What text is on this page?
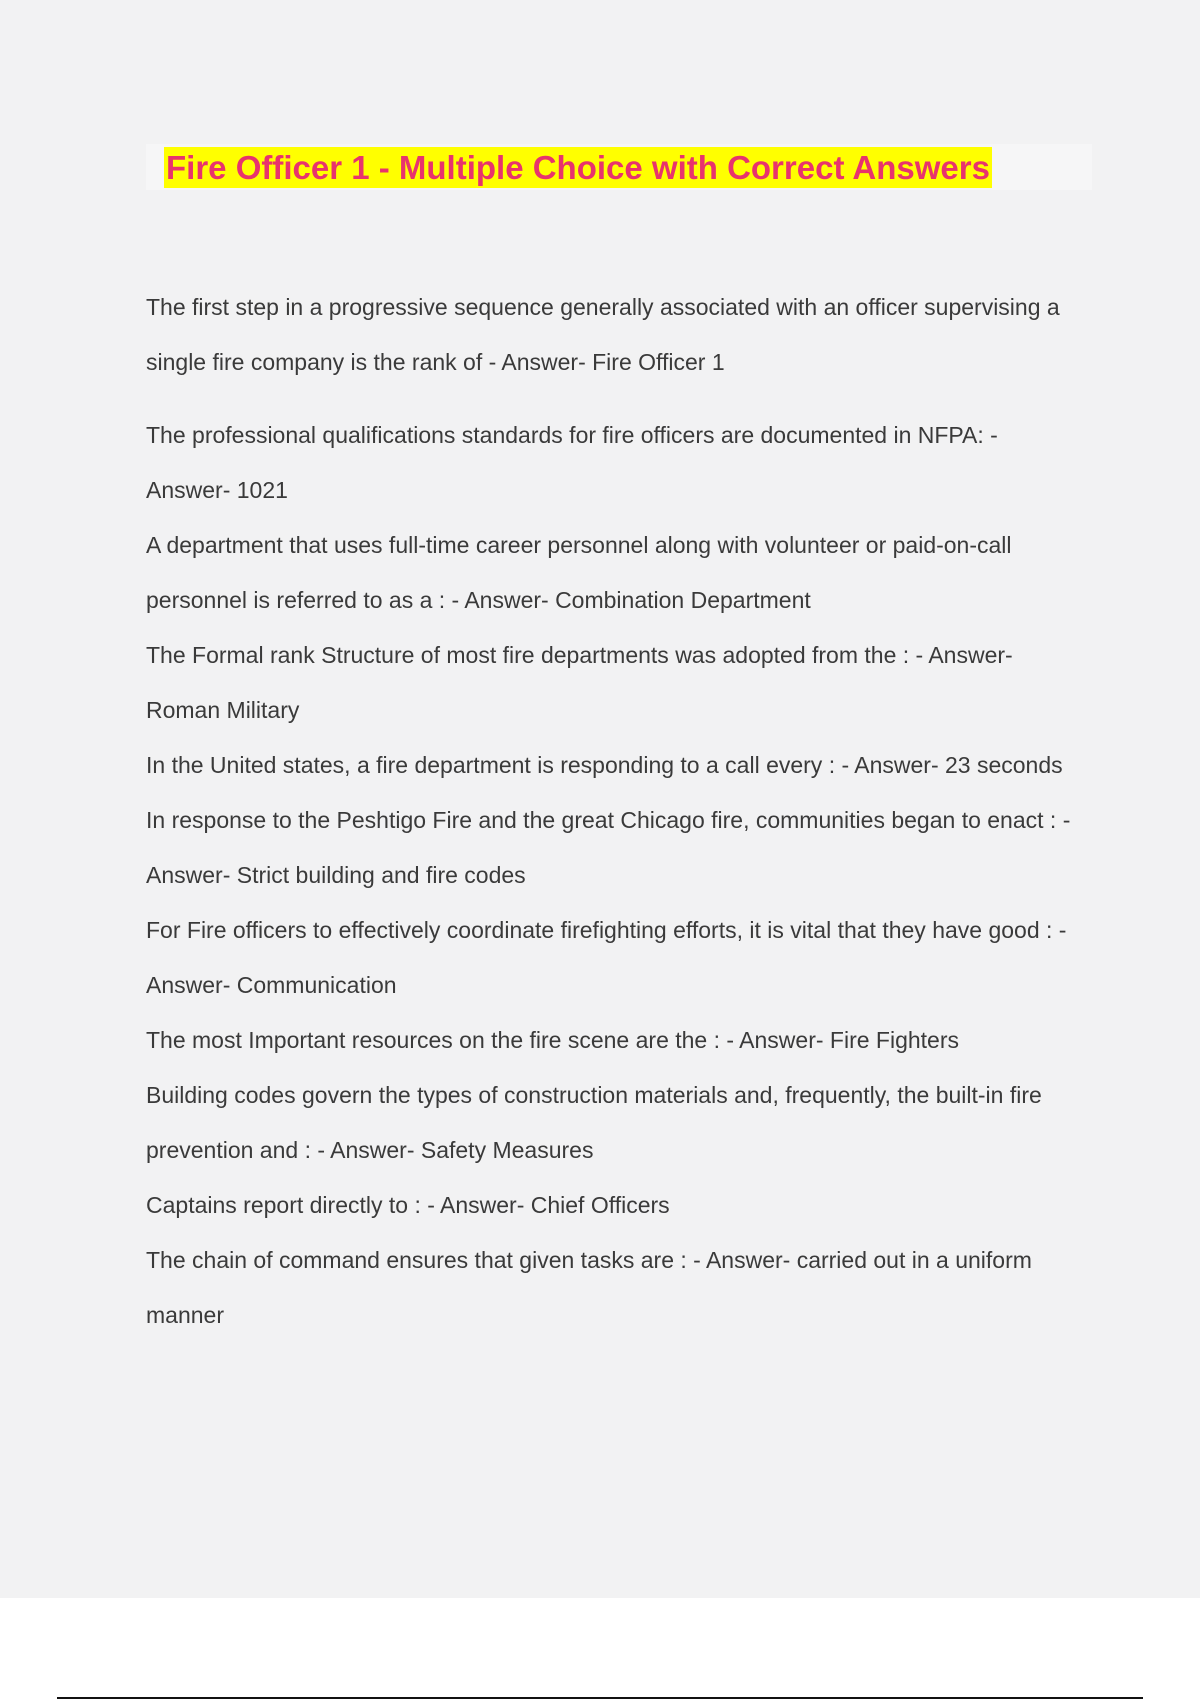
Fire Officer 1 - Multiple Choice with Correct Answers

The first step in a progressive sequence generally associated with an officer supervising a single fire company is the rank of - Answer- Fire Officer 1

The professional qualifications standards for fire officers are documented in NFPA: - Answer- 1021

A department that uses full-time career personnel along with volunteer or paid-on-call personnel is referred to as a : - Answer- Combination Department

The Formal rank Structure of most fire departments was adopted from the : - Answer- Roman Military

In the United states, a fire department is responding to a call every : - Answer- 23 seconds

In response to the Peshtigo Fire and the great Chicago fire, communities began to enact : - Answer- Strict building and fire codes

For Fire officers to effectively coordinate firefighting efforts, it is vital that they have good : - Answer- Communication

The most Important resources on the fire scene are the : - Answer- Fire Fighters

Building codes govern the types of construction materials and, frequently, the built-in fire prevention and : - Answer- Safety Measures

Captains report directly to : - Answer- Chief Officers

The chain of command ensures that given tasks are : - Answer- carried out in a uniform manner
